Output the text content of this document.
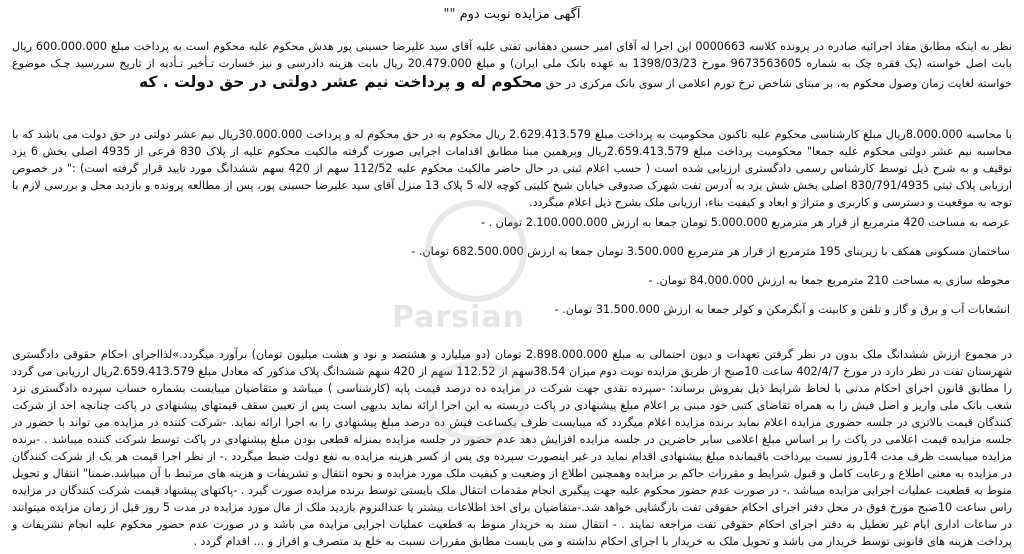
آگهی مزایده نوبت دوم ""

نظر به اینکه مطابق مفاد اجرائیه صادره در پرونده کلاسه 0000663 این اجرا له آقای امیر حسین دهقانی تفتی علیه آقای سید علیرضا حسینی پور هدش محکوم علیه محکوم است به پرداخت مبلغ 600.000.000 ریال بابت اصل خواسته (یک فقره چک به شماره 9673563605 مورخ 1398/03/23 به عهده بانک ملی ایران) و مبلغ 20.479.000 ریال بابت هزینه دادرسی و نیز خسارت تـأخیر تـأدیه از تاریخ سررسید چـک موضوع خواسته لغایت زمان وصول محکوم به، بر مبنای شاخص نرخ تورم اعلامی از سوی بانک مرکزی در حق محکوم له و پرداخت نیم عشر دولتی در حق دولت . که

با محاسبه 8.000.000ریال مبلغ کارشناسی محکوم علیه تاکنون محکومیت به پرداخت مبلغ 2.629.413.579 ریال محکوم به در حق محکوم له و پرداخت 30.000.000ریال نیم عشر دولتی در حق دولت می باشد که با محاسبه نیم عشر دولتی محکوم علیه جمعا" محکومیت پرداخت مبلغ 2.659.413.579ریال وبرهمین مبنا مطابق اقدامات اجرایی صورت گرفته مالکیت محکوم علیه از پلاک 830 فرعی از 4935 اصلی بخش 6 یزد توقیف و به شرح ذیل توسط کارشناس رسمی دادگستری ارزیابی شده است ( حسب اعلام ثبتی در حال حاضر مالکیت محکوم علیه 112/52 سهم از 420 سهم ششدانگ مورد تایید قرار گرفته است) :" در خصوص ارزیابی پلاک ثبتی 830/791/4935 اصلی بخش شش یزد به آدرس تفت شهرک صدوقی خیابان شیخ کلینی کوچه لاله 5 پلاک 13 منزل آقای سید علیرضا حسینی پور، پس از مطالعه پرونده و بازدید محل و بررسی لازم با توجه به موقعیت و دسترسی و کاربری و متراژ و ابعاد و کیفیت بناء، ارزیابی ملک بشرح ذیل اعلام میگردد.

عرصه به مساحت 420 مترمربع از قرار هر مترمربع 5.000.000 تومان جمعا به ارزش 2.100.000.000 تومان . -
ساختمان مسکونی همکف با زیربنای 195 مترمربع از قرار هر مترمربع 3.500.000 تومان جمعا به ارزش 682.500.000 تومان. -
محوطه سازی به مساحت 210 مترمربع جمعا به ارزش 84.000.000 تومان. -
انشعابات آب و برق و گاز و تلفن و کابینت و آبگرمکن و کولر جمعا به ارزش 31.500.000 تومان. -

در مجموع ارزش ششدانگ ملک بدون در نظر گرفتن تعهدات و دیون احتمالی به مبلغ 2.898.000.000 تومان (دو میلیارد و هشتصد و نود و هشت میلیون تومان) برآورد میگردد.»لذااجرای احکام حقوقی دادگستری شهرستان تفت در نظر دارد در مورخ 402/4/7 ساعت 10صبح از طریق مزایده نوبت دوم میزان 38.54سهم از 112.52 سهم از 420 سهم ششدانگ پلاک مذکور که معادل مبلغ 2.659.413.579ریال ارزیابی می گردد را مطابق قانون اجرای احکام مدنی با لحاظ شرایط ذیل بفروش برساند: -سپرده نقدی جهت شرکت در مزایده ده درصد قیمت پایه (کارشناسی ) میباشد و متقاضیان میبایست بشماره حساب سپرده دادگستری نزد شعب بانک ملی واریز و اصل فیش را به همراه تقاضای کتبی خود مبنی بر اعلام مبلغ پیشنهادی در پاکت دربسته به این اجرا ارائه نماید بدیهی است پس از تعیین سقف قیمتهای پیشنهادی در پاکت چنانچه احد از شرکت کنندگان قیمت بالاتری در جلسه حضوری مزایده اعلام نماید برنده مزایده اعلام میگردد که میبایست ظرف یکساعت فیش ده درصد مبلغ پیشنهادی را به اجرا ارائه نماید. -شرکت کننده در مزایده می تواند با حضور در جلسه مزایده قیمت اعلامی در پاکت را بر اساس مبلغ اعلامی سایر حاضرین در جلسه مزایده افزایش دهد عدم حضور در جلسه مزایده بمنزله قطعی بودن مبلغ پیشنهادی در پاکت توسط شرکت کننده میباشد . -برنده مزایده میبایست ظرف مدت 14روز نسبت بپرداخت باقیمانده مبلغ پیشنهادی اقدام نماید در غیر اینصورت سپرده وی پس از کسر هزینه مزایده به نفع دولت ضبط میگردد .- از نظر اجرا قیمت هر یک از شرکت کنندگان در مزایده به معنی اطلاع و رعایت کامل و قبول شرایط و مقررات حاکم بر مزایده وهمچنین اطلاع از وضعیت و کیفیت ملک مورد مزایده و نحوه انتقال و تشریفات و هزینه های مرتبط با آن میباشد.ضمنا" انتقال و تحویل منوط به قطعیت عملیات اجرایی مزایده میباشد .- در صورت عدم حضور محکوم علیه جهت پیگیری انجام مقدمات انتقال ملک بایستی توسط برنده مزایده صورت گیرد . -پاکتهای پیشنهاد قیمت شرکت کنندگان در مزایده راس ساعت 10صبح مورخ فوق در محل دفتر اجرای احکام حقوقی تفت بازگشایی خواهد شد.-متقاضیان برای اخذ اطلاعات بیشتر یا عندالنزوم بازدید ملک از مال مورد مزایده در مدت 5 روز قبل از زمان مزایده میتوانند در ساعات اداری ایام غیر تعطیل به دفتر اجرای احکام حقوقی تفت مراجعه نمایند . - انتقال سند به خریدار منوط به قطعیت عملیات اجرایی مزایده می باشد و در صورت عدم حضور محکوم علیه انجام تشریفات و پرداخت هزینه های قانونی توسط خریدار می باشد و تحویل ملک به خریدار با اجرای احکام نداشته و می بایست مطابق مقررات نسبت به خلع ید متصرف و افراز و ... اقدام گردد .

Parsian
